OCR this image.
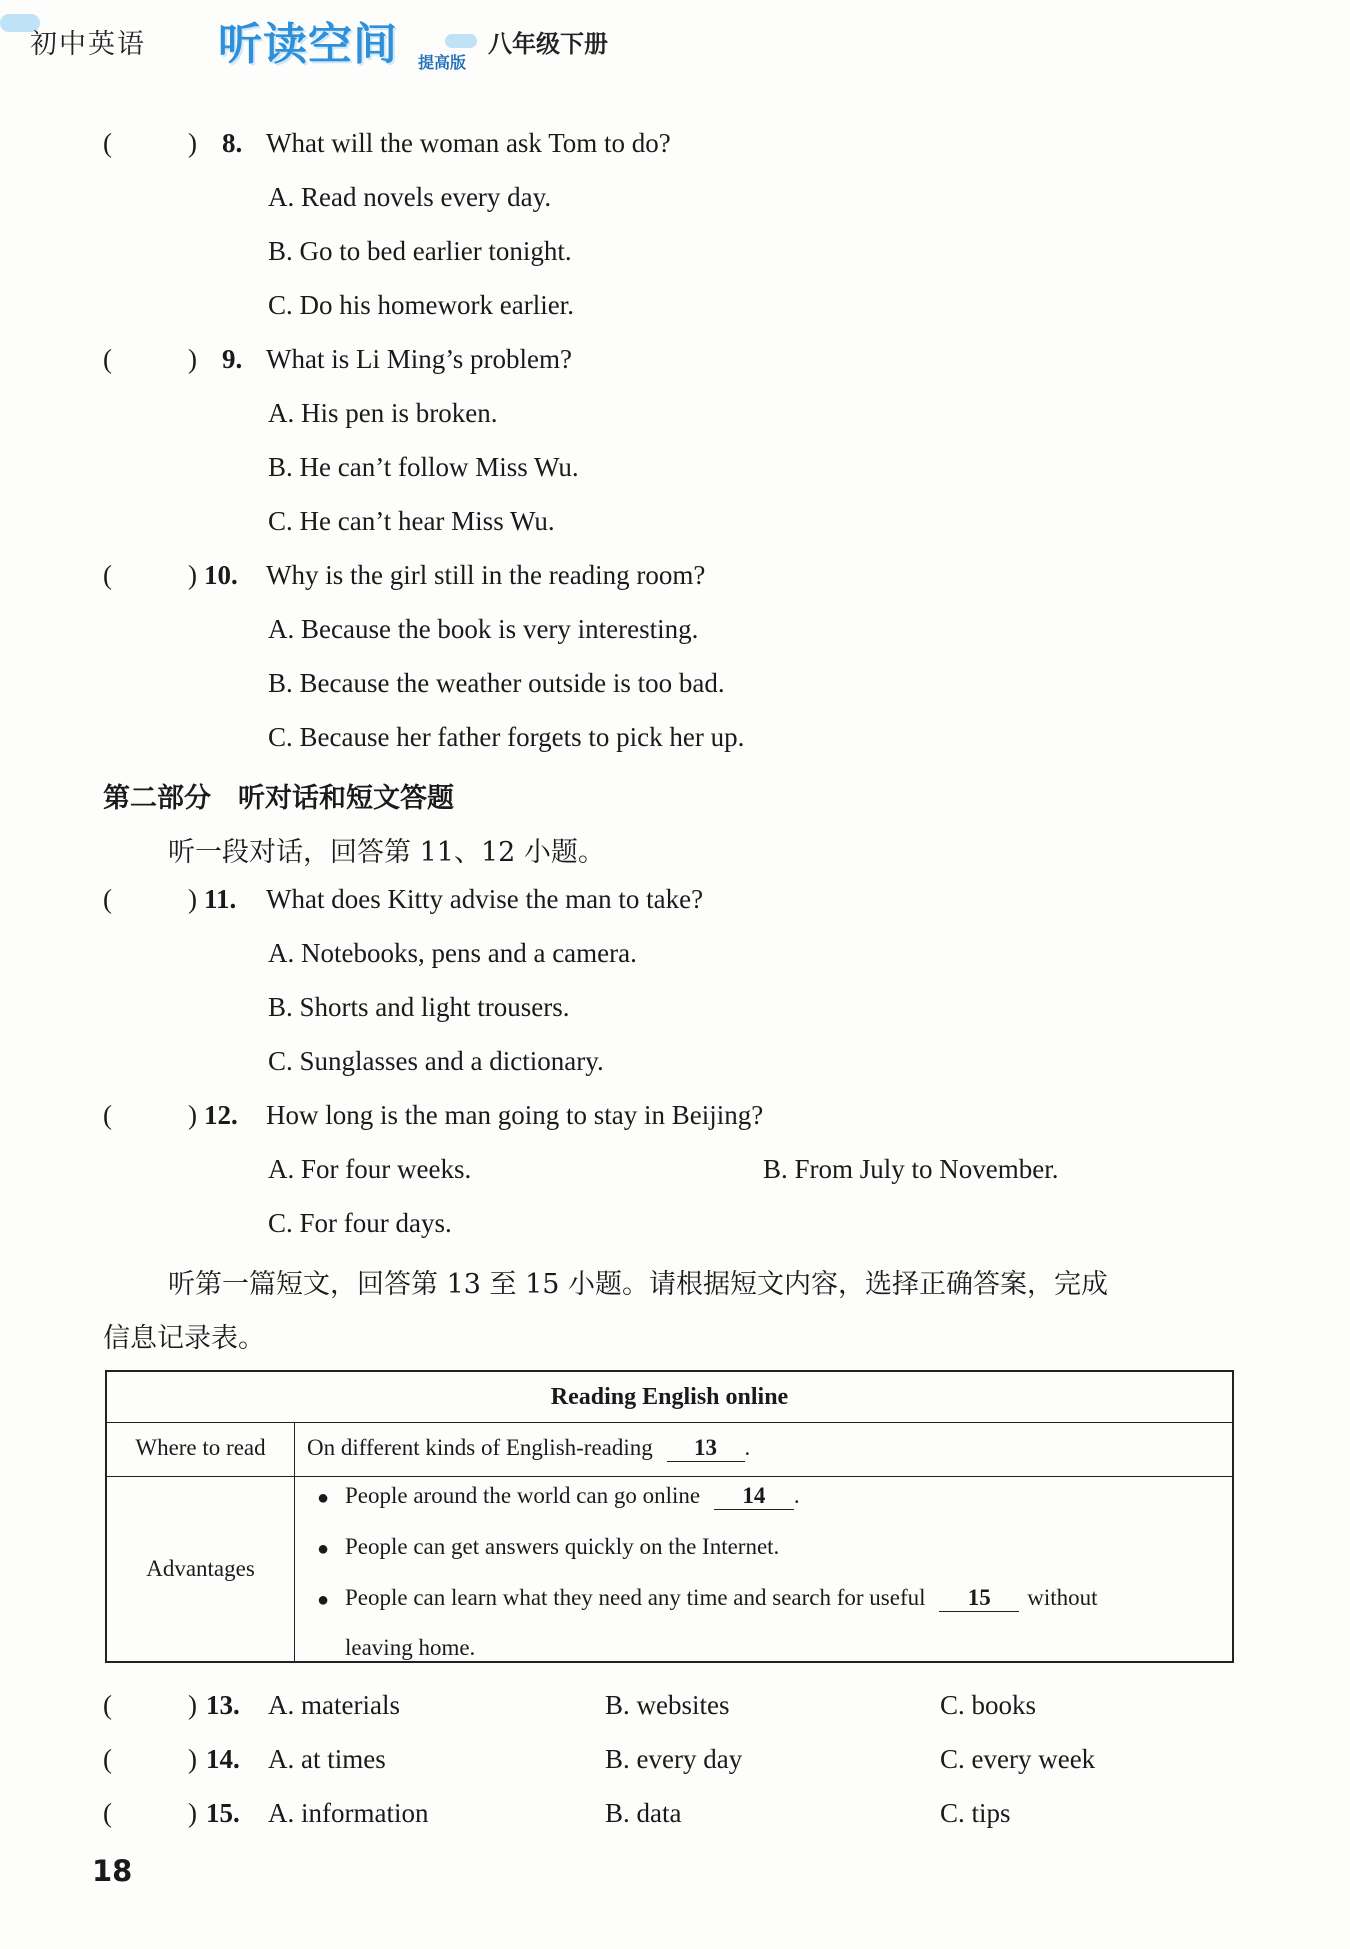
初中英语 听读空间 提高版
八年级下册
(	) 8. What will the woman ask Tom to do?
A. Read novels every day.
B. Go to bed earlier tonight.
C. Do his homework earlier.
(	) 9. What is Li Ming’s problem?
A. His pen is broken.
B. He can’t follow Miss Wu.
C. He can’t hear Miss Wu.
(	) 10. Why is the girl still in the reading room?
A. Because the book is very interesting.
B. Because the weather outside is too bad.
C. Because her father forgets to pick her up.
第二部分　听对话和短文答题
听一段对话，回答第 11、12 小题。
(	) 11. What does Kitty advise the man to take?
A. Notebooks, pens and a camera.
B. Shorts and light trousers.
C. Sunglasses and a dictionary.
(	) 12. How long is the man going to stay in Beijing?
A. For four weeks.	B. From July to November.
C. For four days.
听第一篇短文，回答第 13 至 15 小题。请根据短文内容，选择正确答案，完成
信息记录表。
Reading English online
Where to read	On different kinds of English-reading 13 .
Advantages
● People around the world can go online 14 .
● People can get answers quickly on the Internet.
● People can learn what they need any time and search for useful 15 without
leaving home.
(	) 13. A. materials	B. websites	C. books
(	) 14. A. at times	B. every day	C. every week
(	) 15. A. information	B. data	C. tips
18
